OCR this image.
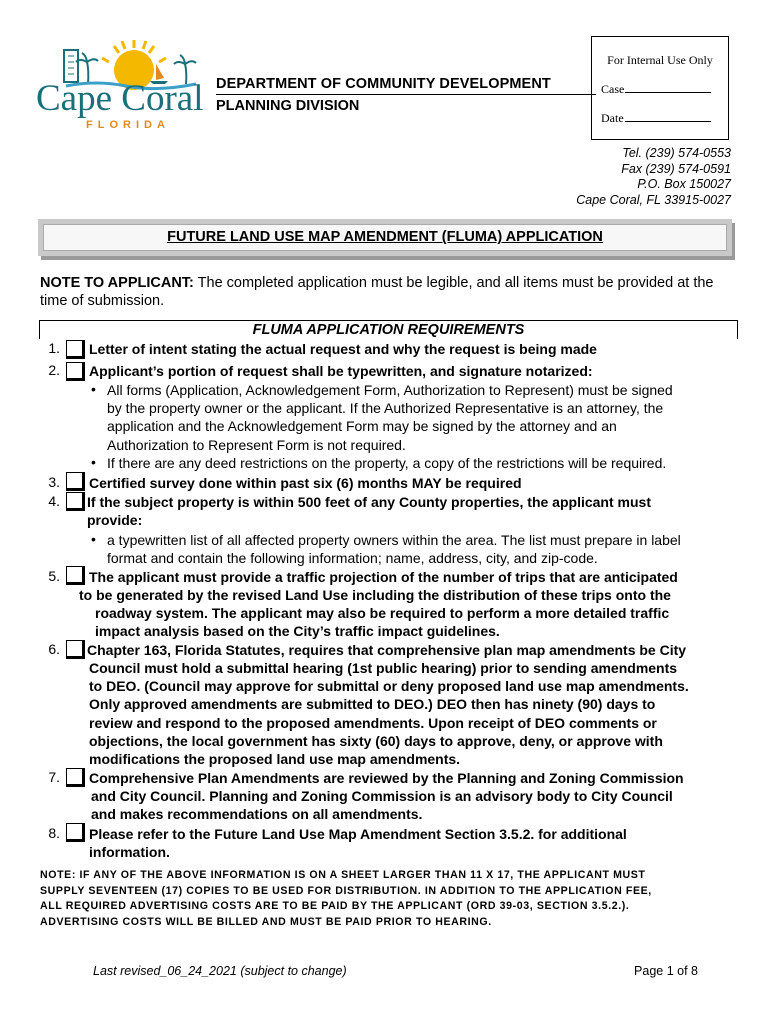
Cape Coral
FLORIDA
DEPARTMENT OF COMMUNITY DEVELOPMENT
PLANNING DIVISION
For Internal Use Only
Case
Date
Tel. (239) 574-0553
Fax (239) 574-0591
P.O. Box 150027
Cape Coral, FL 33915-0027
FUTURE LAND USE MAP AMENDMENT (FLUMA) APPLICATION
NOTE TO APPLICANT: The completed application must be legible, and all items must be provided at the time of submission.
FLUMA APPLICATION REQUIREMENTS
1. Letter of intent stating the actual request and why the request is being made
2. Applicant’s portion of request shall be typewritten, and signature notarized:
• All forms (Application, Acknowledgement Form, Authorization to Represent) must be signed
by the property owner or the applicant. If the Authorized Representative is an attorney, the
application and the Acknowledgement Form may be signed by the attorney and an
Authorization to Represent Form is not required.
• If there are any deed restrictions on the property, a copy of the restrictions will be required.
3. Certified survey done within past six (6) months MAY be required
4. If the subject property is within 500 feet of any County properties, the applicant must
provide:
• a typewritten list of all affected property owners within the area. The list must prepare in label
format and contain the following information; name, address, city, and zip-code.
5. The applicant must provide a traffic projection of the number of trips that are anticipated
to be generated by the revised Land Use including the distribution of these trips onto the
roadway system. The applicant may also be required to perform a more detailed traffic
impact analysis based on the City’s traffic impact guidelines.
6. Chapter 163, Florida Statutes, requires that comprehensive plan map amendments be City
Council must hold a submittal hearing (1st public hearing) prior to sending amendments
to DEO. (Council may approve for submittal or deny proposed land use map amendments.
Only approved amendments are submitted to DEO.) DEO then has ninety (90) days to
review and respond to the proposed amendments. Upon receipt of DEO comments or
objections, the local government has sixty (60) days to approve, deny, or approve with
modifications the proposed land use map amendments.
7. Comprehensive Plan Amendments are reviewed by the Planning and Zoning Commission
and City Council. Planning and Zoning Commission is an advisory body to City Council
and makes recommendations on all amendments.
8. Please refer to the Future Land Use Map Amendment Section 3.5.2. for additional
information.
NOTE: IF ANY OF THE ABOVE INFORMATION IS ON A SHEET LARGER THAN 11 X 17, THE APPLICANT MUST
SUPPLY SEVENTEEN (17) COPIES TO BE USED FOR DISTRIBUTION. IN ADDITION TO THE APPLICATION FEE,
ALL REQUIRED ADVERTISING COSTS ARE TO BE PAID BY THE APPLICANT (ORD 39-03, SECTION 3.5.2.).
ADVERTISING COSTS WILL BE BILLED AND MUST BE PAID PRIOR TO HEARING.
Last revised_06_24_2021 (subject to change)	Page 1 of 8
